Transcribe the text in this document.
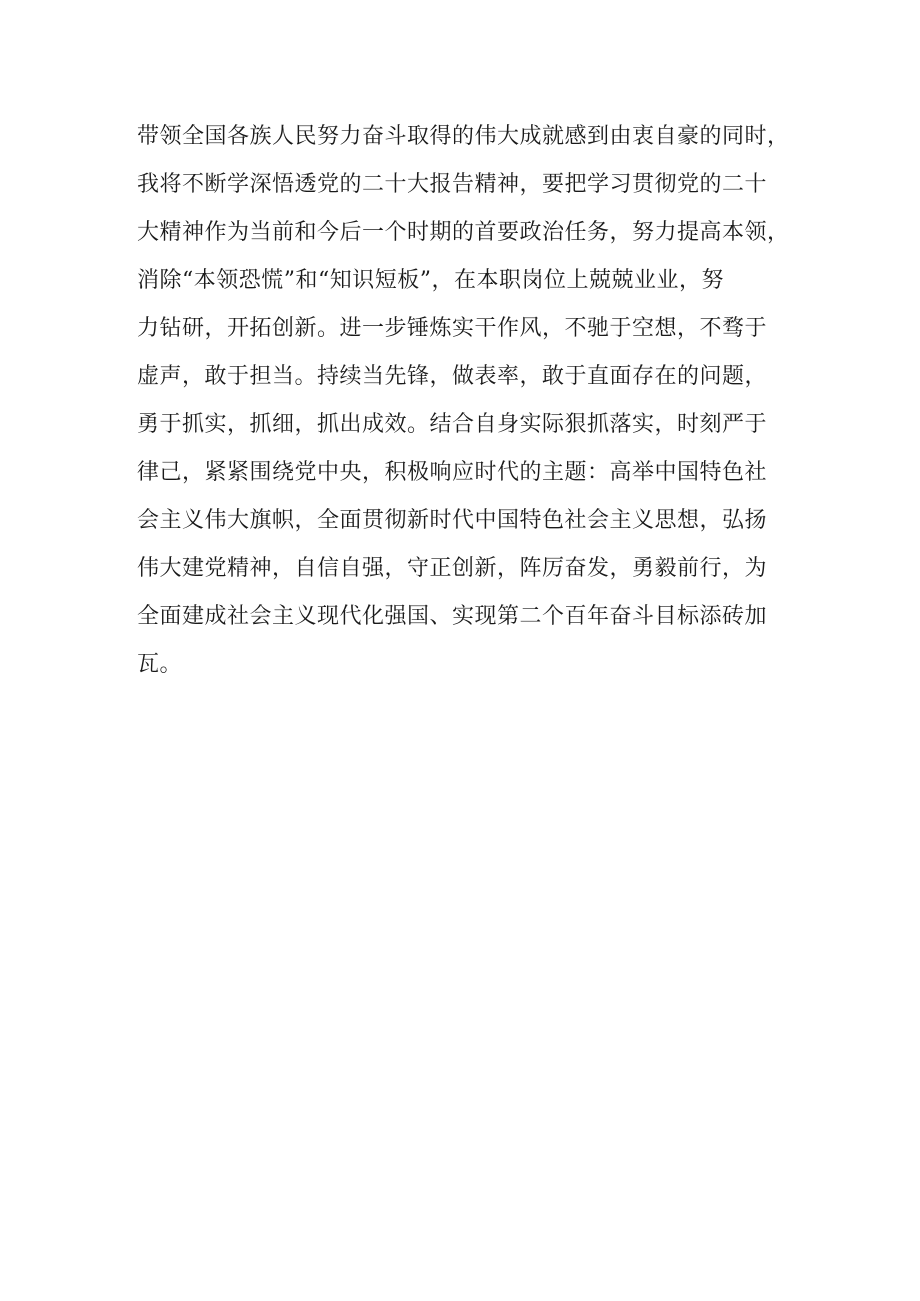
带领全国各族人民努力奋斗取得的伟大成就感到由衷自豪的同时，
我将不断学深悟透党的二十大报告精神，要把学习贯彻党的二十
大精神作为当前和今后一个时期的首要政治任务，努力提高本领，
消除“本领恐慌”和“知识短板”，在本职岗位上兢兢业业，努
力钻研，开拓创新。进一步锤炼实干作风，不驰于空想，不骛于
虚声，敢于担当。持续当先锋，做表率，敢于直面存在的问题，
勇于抓实，抓细，抓出成效。结合自身实际狠抓落实，时刻严于
律己，紧紧围绕党中央，积极响应时代的主题：高举中国特色社
会主义伟大旗帜，全面贯彻新时代中国特色社会主义思想，弘扬
伟大建党精神，自信自强，守正创新，阵厉奋发，勇毅前行，为
全面建成社会主义现代化强国、实现第二个百年奋斗目标添砖加
瓦。
